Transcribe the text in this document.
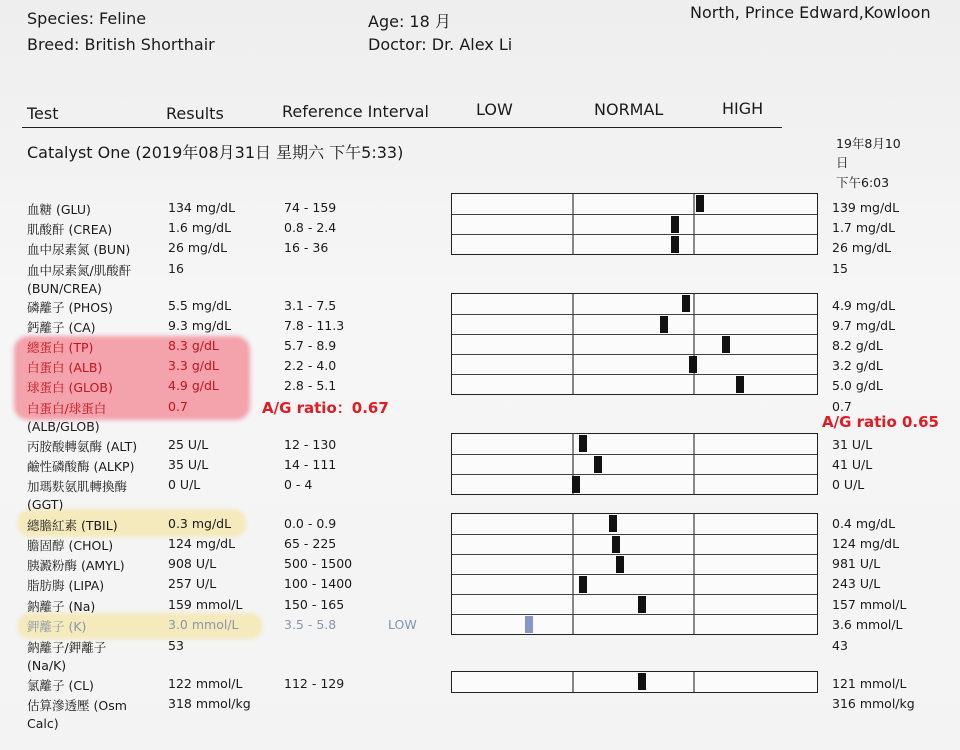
Species: Feline
Breed: British Shorthair
Age: 18 月
Doctor: Dr. Alex Li
North, Prince Edward,Kowloon
Test	Results	Reference Interval	LOW	NORMAL	HIGH
Catalyst One (2019年08月31日 星期六 下午5:33)	19年8月10
日
下午6:03
血糖 (GLU)	134 mg/dL	74 - 159	139 mg/dL
肌酸酐 (CREA)	1.6 mg/dL	0.8 - 2.4	1.7 mg/dL
血中尿素氮 (BUN)	26 mg/dL	16 - 36	26 mg/dL
血中尿素氮/肌酸酐	16	15
(BUN/CREA)
磷離子 (PHOS)	5.5 mg/dL	3.1 - 7.5	4.9 mg/dL
鈣離子 (CA)	9.3 mg/dL	7.8 - 11.3	9.7 mg/dL
總蛋白 (TP)	8.3 g/dL	5.7 - 8.9	8.2 g/dL
白蛋白 (ALB)	3.3 g/dL	2.2 - 4.0	3.2 g/dL
球蛋白 (GLOB)	4.9 g/dL	2.8 - 5.1	5.0 g/dL
白蛋白/球蛋白	0.7	0.7
(ALB/GLOB)
丙胺酸轉氨酶 (ALT) 25 U/L	12 - 130	31 U/L
鹼性磷酸酶 (ALKP)	35 U/L	14 - 111	41 U/L
加瑪麩氨肌轉換酶	0 U/L	0 - 4	0 U/L
(GGT)
總膽紅素 (TBIL)	0.3 mg/dL	0.0 - 0.9	0.4 mg/dL
膽固醇 (CHOL)	124 mg/dL	65 - 225	124 mg/dL
胰澱粉酶 (AMYL)	908 U/L	500 - 1500	981 U/L
脂肪脢 (LIPA)	257 U/L	100 - 1400	243 U/L
鈉離子 (Na)	159 mmol/L	150 - 165	157 mmol/L
鉀離子 (K)	3.0 mmol/L	3.5 - 5.8	LOW	3.6 mmol/L
鈉離子/鉀離子	53	43
(Na/K)
氯離子 (CL)	122 mmol/L	112 - 129	121 mmol/L
估算滲透壓 (Osm	318 mmol/kg	316 mmol/kg
Calc)
A/G ratio：0.67
A/G ratio 0.65
